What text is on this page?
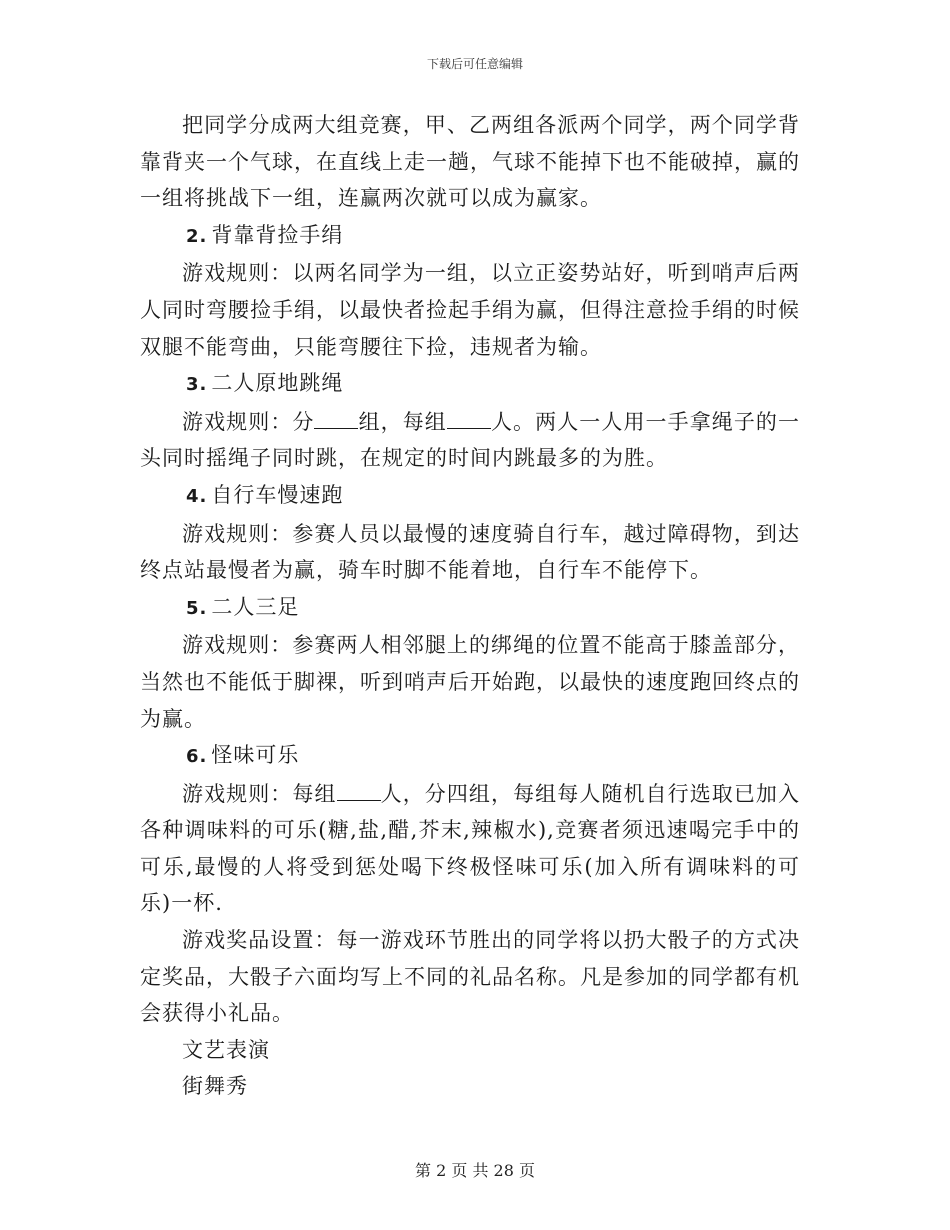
下载后可任意编辑

把同学分成两大组竞赛，甲、乙两组各派两个同学，两个同学背靠背夹一个气球，在直线上走一趟，气球不能掉下也不能破掉，赢的一组将挑战下一组，连赢两次就可以成为赢家。

2. 背靠背捡手绢

游戏规则：以两名同学为一组，以立正姿势站好，听到哨声后两人同时弯腰捡手绢，以最快者捡起手绢为赢，但得注意捡手绢的时候双腿不能弯曲，只能弯腰往下捡，违规者为输。

3. 二人原地跳绳

游戏规则：分 组，每组 人。两人一人用一手拿绳子的一头同时摇绳子同时跳，在规定的时间内跳最多的为胜。

4. 自行车慢速跑

游戏规则：参赛人员以最慢的速度骑自行车，越过障碍物，到达终点站最慢者为赢，骑车时脚不能着地，自行车不能停下。

5. 二人三足

游戏规则：参赛两人相邻腿上的绑绳的位置不能高于膝盖部分，当然也不能低于脚裸，听到哨声后开始跑，以最快的速度跑回终点的为赢。

6. 怪味可乐

游戏规则：每组 人，分四组，每组每人随机自行选取已加入各种调味料的可乐(糖,盐,醋,芥末,辣椒水),竞赛者须迅速喝完手中的可乐,最慢的人将受到惩处喝下终极怪味可乐(加入所有调味料的可乐)一杯.

游戏奖品设置：每一游戏环节胜出的同学将以扔大骰子的方式决定奖品，大骰子六面均写上不同的礼品名称。凡是参加的同学都有机会获得小礼品。

文艺表演

街舞秀

第 2 页 共 28 页
